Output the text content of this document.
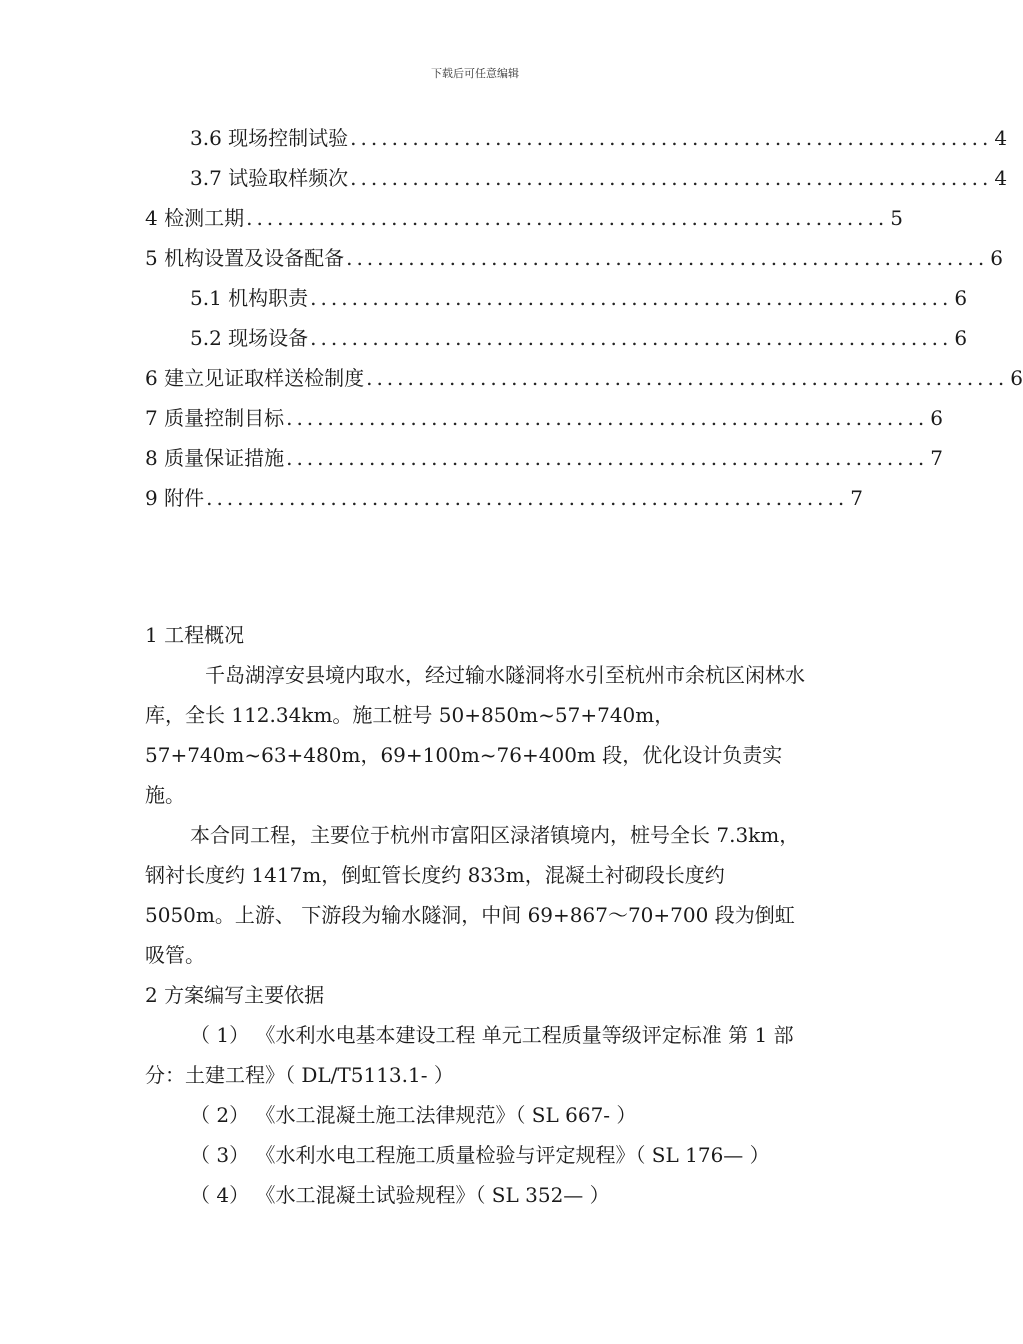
下载后可任意编辑
3.6 现场控制试验 .............................................................. 4
3.7 试验取样频次 .............................................................. 4
4 检测工期 .............................................................. 5
5 机构设置及设备配备 .............................................................. 6
5.1 机构职责 .............................................................. 6
5.2 现场设备 .............................................................. 6
6 建立见证取样送检制度 .............................................................. 6
7 质量控制目标 .............................................................. 6
8 质量保证措施 .............................................................. 7
9 附件 .............................................................. 7

1 工程概况

千岛湖淳安县境内取水，经过输水隧洞将水引至杭州市余杭区闲林水库，全长 112.34km。施工桩号 50+850m~57+740m，57+740m~63+480m，69+100m~76+400m 段，优化设计负责实施。

本合同工程，主要位于杭州市富阳区渌渚镇境内，桩号全长 7.3km，钢衬长度约 1417m，倒虹管长度约 833m，混凝土衬砌段长度约 5050m。上游、 下游段为输水隧洞，中间 69+867～70+700 段为倒虹吸管。

2 方案编写主要依据

（ 1） 《水利水电基本建设工程 单元工程质量等级评定标准 第 1 部分：土建工程》（ DL/T5113.1- ）

（ 2） 《水工混凝土施工法律规范》（ SL 667- ）

（ 3） 《水利水电工程施工质量检验与评定规程》（ SL 176— ）

（ 4） 《水工混凝土试验规程》（ SL 352— ）
